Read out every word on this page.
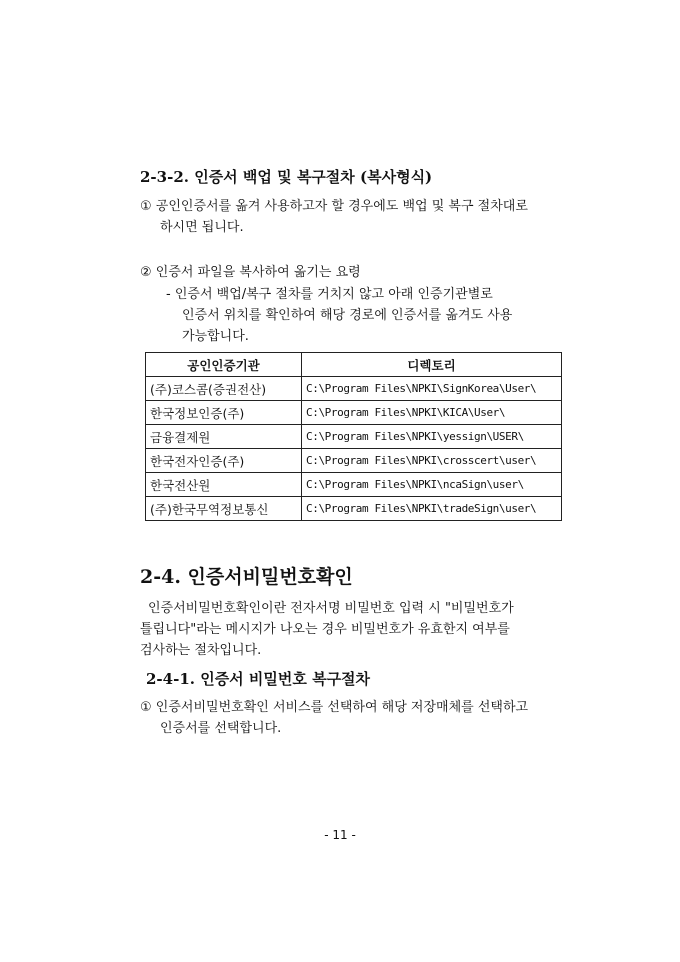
2-3-2. 인증서 백업 및 복구절차 (복사형식)
① 공인인증서를 옮겨 사용하고자 할 경우에도 백업 및 복구 절차대로
하시면 됩니다.
② 인증서 파일을 복사하여 옮기는 요령
- 인증서 백업/복구 절차를 거치지 않고 아래 인증기관별로
인증서 위치를 확인하여 해당 경로에 인증서를 옮겨도 사용
가능합니다.
공인인증기관	디렉토리
(주)코스콤(증권전산)	C:\Program Files\NPKI\SignKorea\User\
한국정보인증(주)	C:\Program Files\NPKI\KICA\User\
금융결제원	C:\Program Files\NPKI\yessign\USER\
한국전자인증(주)	C:\Program Files\NPKI\crosscert\user\
한국전산원	C:\Program Files\NPKI\ncaSign\user\
(주)한국무역정보통신	C:\Program Files\NPKI\tradeSign\user\
2-4. 인증서비밀번호확인
인증서비밀번호확인이란 전자서명 비밀번호 입력 시 "비밀번호가
틀립니다"라는 메시지가 나오는 경우 비밀번호가 유효한지 여부를
검사하는 절차입니다.
2-4-1. 인증서 비밀번호 복구절차
① 인증서비밀번호확인 서비스를 선택하여 해당 저장매체를 선택하고
인증서를 선택합니다.
- 11 -
